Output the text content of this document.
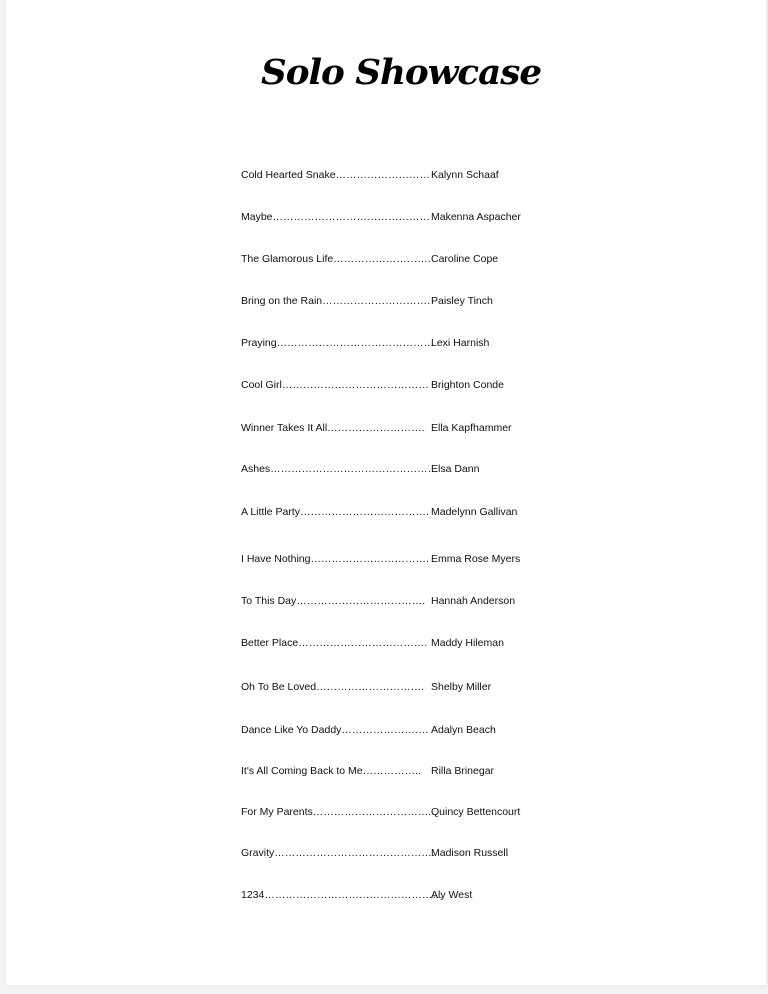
Solo Showcase
Cold Hearted Snake……………………… Kalynn Schaaf
Maybe……………………………………… Makenna Aspacher
The Glamorous Life………………………. Caroline Cope
Bring on the Rain…………………………. Paisley Tinch
Praying………………………………………
Lexi Harnish
Cool Girl…………………………………… Brighton Conde
Winner Takes It All………………………. Ella Kapfhammer
Ashes…………………………………………
Elsa Dann
A Little Party………………………………. Madelynn Gallivan
I Have Nothing……………………………. Emma Rose Myers
To This Day………………………………. Hannah Anderson
Better Place………………………………. Maddy Hileman
Oh To Be Loved…………………………. Shelby Miller
Dance Like Yo Daddy……………………. Adalyn Beach
It's All Coming Back to Me…………….. Rilla Brinegar
For My Parents……………………………. Quincy Bettencourt
Gravity……………………………………….
Madison Russell
1234……………………………………………
Aly West
